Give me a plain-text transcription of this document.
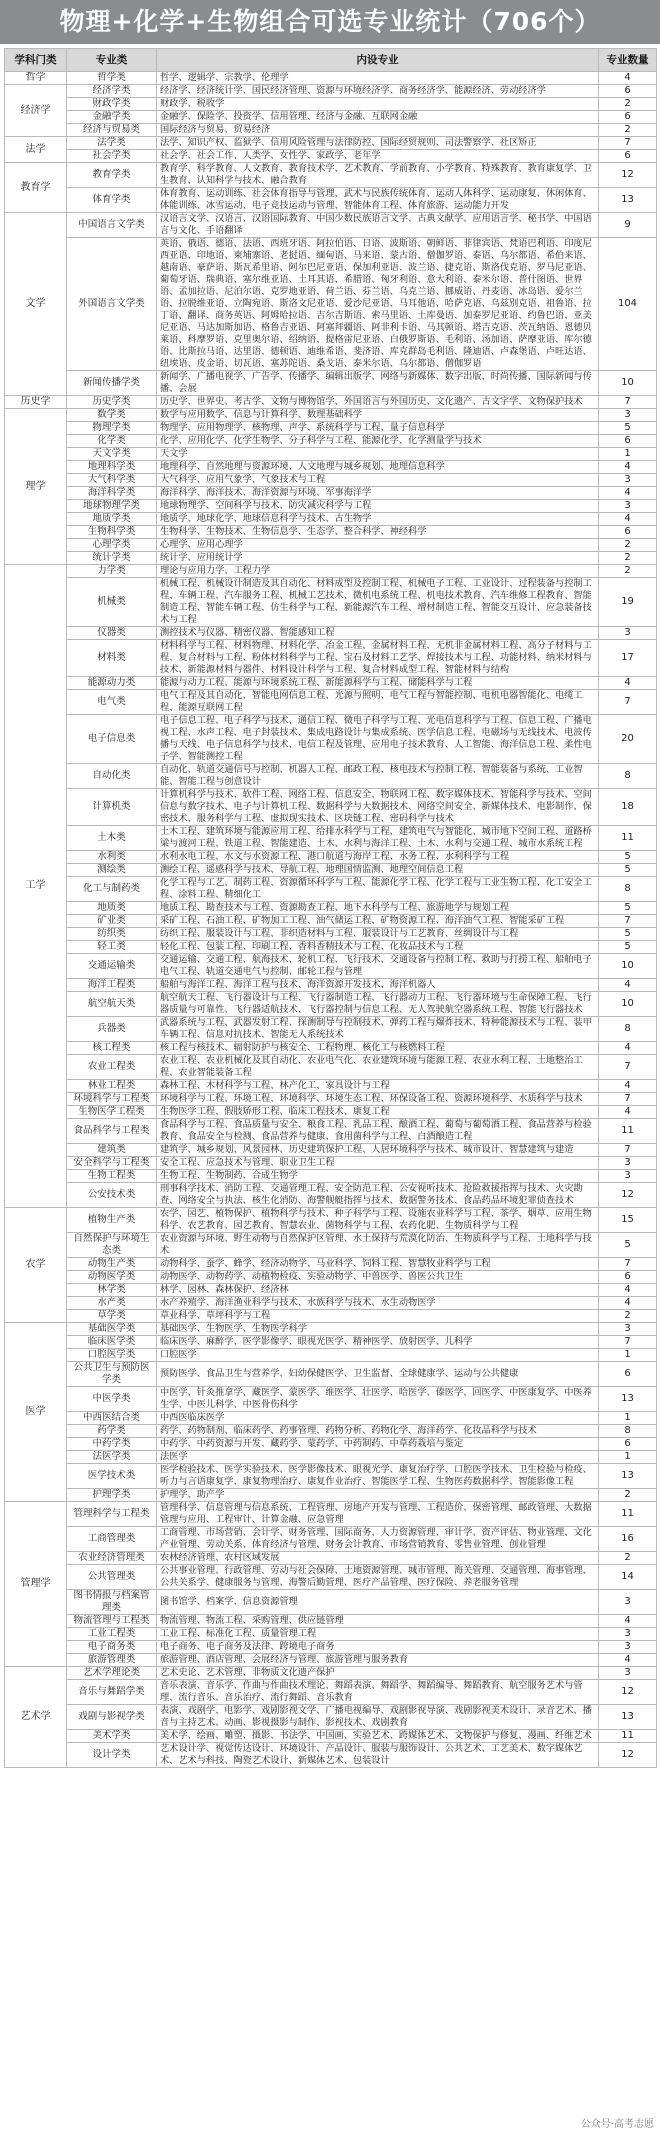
物理+化学+生物组合可选专业统计（706个）
学科门类	专业类	内设专业	专业数量
哲学	哲学类	哲学、逻辑学、宗教学、伦理学	4
经济学	经济学类	经济学、经济统计学、国民经济管理、资源与环境经济学、商务经济学、能源经济、劳动经济学	6
	财政学类	财政学、税收学	2
	金融学类	金融学、保险学、投资学、信用管理、经济与金融、互联网金融	6
	经济与贸易类	国际经济与贸易、贸易经济	2
法学	法学类	法学、知识产权、监狱学、信用风险管理与法律防控、国际经贸规则、司法警察学、社区矫正	7
	社会学类	社会学、社会工作、人类学、女性学、家政学、老年学	6
教育学	教育学类	教育学、科学教育、人文教育、教育技术学、艺术教育、学前教育、小学教育、特殊教育、教育康复学、卫生教育、认知科学与技术、融合教育	12
	体育学类	体育教育、运动训练、社会体育指导与管理、武术与民族传统体育、运动人体科学、运动康复、休闲体育、体能训练、冰雪运动、电子竞技运动与管理、智能体育工程、体育旅游、运动能力开发	13
文学	中国语言文学类	汉语言文学、汉语言、汉语国际教育、中国少数民族语言文学、古典文献学、应用语言学、秘书学、中国语言与文化、手语翻译	9
	外国语言文学类	英语、俄语、德语、法语、西班牙语、阿拉伯语、日语、波斯语、朝鲜语、菲律宾语、梵语巴利语、印度尼西亚语、印地语、柬埔寨语、老挝语、缅甸语、马来语、蒙古语、僧伽罗语、泰语、乌尔都语、希伯来语、越南语、豪萨语、斯瓦希里语、阿尔巴尼亚语、保加利亚语、波兰语、捷克语、斯洛伐克语、罗马尼亚语、葡萄牙语、瑞典语、塞尔维亚语、土耳其语、希腊语、匈牙利语、意大利语、泰米尔语、普什图语、世界语、孟加拉语、尼泊尔语、克罗地亚语、荷兰语、芬兰语、乌克兰语、挪威语、丹麦语、冰岛语、爱尔兰语、拉脱维亚语、立陶宛语、斯洛文尼亚语、爱沙尼亚语、马耳他语、哈萨克语、乌兹别克语、祖鲁语、拉丁语、翻译、商务英语、阿姆哈拉语、吉尔吉斯语、索马里语、土库曼语、加泰罗尼亚语、约鲁巴语、亚美尼亚语、马达加斯加语、格鲁吉亚语、阿塞拜疆语、阿非利卡语、马其顿语、塔吉克语、茨瓦纳语、恩德贝莱语、科摩罗语、克里奥尔语、绍纳语、提格雷尼亚语、白俄罗斯语、毛利语、汤加语、萨摩亚语、库尔德语、比斯拉马语、达里语、德顿语、迪维希语、斐济语、库克群岛毛利语、隆迪语、卢森堡语、卢旺达语、纽埃语、皮金语、切瓦语、塞苏陀语、桑戈语、泰米尔语、乌尔都语、僧伽罗语	104
	新闻传播学类	新闻学、广播电视学、广告学、传播学、编辑出版学、网络与新媒体、数字出版、时尚传播、国际新闻与传播、会展	10
历史学	历史学类	历史学、世界史、考古学、文物与博物馆学、外国语言与外国历史、文化遗产、古文字学、文物保护技术	7
理学	数学类	数学与应用数学、信息与计算科学、数理基础科学	3
	物理学类	物理学、应用物理学、核物理、声学、系统科学与工程、量子信息科学	5
	化学类	化学、应用化学、化学生物学、分子科学与工程、能源化学、化学测量学与技术	6
	天文学类	天文学	1
	地理科学类	地理科学、自然地理与资源环境、人文地理与城乡规划、地理信息科学	4
	大气科学类	大气科学、应用气象学、气象技术与工程	3
	海洋科学类	海洋科学、海洋技术、海洋资源与环境、军事海洋学	4
	地球物理学类	地球物理学、空间科学与技术、防灾减灾科学与工程	3
	地质学类	地质学、地球化学、地球信息科学与技术、古生物学	4
	生物科学类	生物科学、生物技术、生物信息学、生态学、整合科学、神经科学	6
	心理学类	心理学、应用心理学	2
	统计学类	统计学、应用统计学	2
工学	力学类	理论与应用力学、工程力学	2
	机械类	机械工程、机械设计制造及其自动化、材料成型及控制工程、机械电子工程、工业设计、过程装备与控制工程、车辆工程、汽车服务工程、机械工艺技术、微机电系统工程、机电技术教育、汽车维修工程教育、智能制造工程、智能车辆工程、仿生科学与工程、新能源汽车工程、增材制造工程、智能交互设计、应急装备技术与工程	19
	仪器类	测控技术与仪器、精密仪器、智能感知工程	3
	材料类	材料科学与工程、材料物理、材料化学、冶金工程、金属材料工程、无机非金属材料工程、高分子材料与工程、复合材料与工程、粉体材料科学与工程、宝石及材料工艺学、焊接技术与工程、功能材料、纳米材料与技术、新能源材料与器件、材料设计科学与工程、复合材料成型工程、智能材料与结构	17
	能源动力类	能源与动力工程、能源与环境系统工程、新能源科学与工程、储能科学与工程	4
	电气类	电气工程及其自动化、智能电网信息工程、光源与照明、电气工程与智能控制、电机电器智能化、电缆工程、能源互联网工程	7
	电子信息类	电子信息工程、电子科学与技术、通信工程、微电子科学与工程、光电信息科学与工程、信息工程、广播电视工程、水声工程、电子封装技术、集成电路设计与集成系统、医学信息工程、电磁场与无线技术、电波传播与天线、电子信息科学与技术、电信工程及管理、应用电子技术教育、人工智能、海洋信息工程、柔性电子学、智能测控工程	20
	自动化类	自动化、轨道交通信号与控制、机器人工程、邮政工程、核电技术与控制工程、智能装备与系统、工业智能、智能工程与创意设计	8
	计算机类	计算机科学与技术、软件工程、网络工程、信息安全、物联网工程、数字媒体技术、智能科学与技术、空间信息与数字技术、电子与计算机工程、数据科学与大数据技术、网络空间安全、新媒体技术、电影制作、保密技术、服务科学与工程、虚拟现实技术、区块链工程、密码科学与技术	18
	土木类	土木工程、建筑环境与能源应用工程、给排水科学与工程、建筑电气与智能化、城市地下空间工程、道路桥梁与渡河工程、铁道工程、智能建造、土木、水利与海洋工程、土木、水利与交通工程、城市水系统工程	11
	水利类	水利水电工程、水文与水资源工程、港口航道与海岸工程、水务工程、水利科学与工程	5
	测绘类	测绘工程、遥感科学与技术、导航工程、地理国情监测、地理空间信息工程	5
	化工与制药类	化学工程与工艺、制药工程、资源循环科学与工程、能源化学工程、化学工程与工业生物工程、化工安全工程、涂料工程、精细化工	8
	地质类	地质工程、勘查技术与工程、资源勘查工程、地下水科学与工程、旅游地学与规划工程	5
	矿业类	采矿工程、石油工程、矿物加工工程、油气储运工程、矿物资源工程、海洋油气工程、智能采矿工程	7
	纺织类	纺织工程、服装设计与工程、非织造材料与工程、服装设计与工艺教育、丝绸设计与工程	5
	轻工类	轻化工程、包装工程、印刷工程、香料香精技术与工程、化妆品技术与工程	5
	交通运输类	交通运输、交通工程、航海技术、轮机工程、飞行技术、交通设备与控制工程、救助与打捞工程、船舶电子电气工程、轨道交通电气与控制、邮轮工程与管理	10
	海洋工程类	船舶与海洋工程、海洋工程与技术、海洋资源开发技术、海洋机器人	4
	航空航天类	航空航天工程、飞行器设计与工程、飞行器制造工程、飞行器动力工程、飞行器环境与生命保障工程、飞行器质量与可靠性、飞行器适航技术、飞行器控制与信息工程、无人驾驶航空器系统工程、智能飞行器技术	10
	兵器类	武器系统与工程、武器发射工程、探测制导与控制技术、弹药工程与爆炸技术、特种能源技术与工程、装甲车辆工程、信息对抗技术、智能无人系统技术	8
	核工程类	核工程与核技术、辐射防护与核安全、工程物理、核化工与核燃料工程	4
	农业工程类	农业工程、农业机械化及其自动化、农业电气化、农业建筑环境与能源工程、农业水利工程、土地整治工程、农业智能装备工程	7
	林业工程类	森林工程、木材科学与工程、林产化工、家具设计与工程	4
	环境科学与工程类	环境科学与工程、环境工程、环境科学、环境生态工程、环保设备工程、资源环境科学、水质科学与技术	7
	生物医学工程类	生物医学工程、假肢矫形工程、临床工程技术、康复工程	4
	食品科学与工程类	食品科学与工程、食品质量与安全、粮食工程、乳品工程、酿酒工程、葡萄与葡萄酒工程、食品营养与检验教育、食品安全与检测、食品营养与健康、食用菌科学与工程、白酒酿造工程	11
	建筑类	建筑学、城乡规划、风景园林、历史建筑保护工程、人居环境科学与技术、城市设计、智慧建筑与建造	7
	安全科学与工程类	安全工程、应急技术与管理、职业卫生工程	3
	生物工程类	生物工程、生物制药、合成生物学	3
	公安技术类	刑事科学技术、消防工程、交通管理工程、安全防范工程、公安视听技术、抢险救援指挥与技术、火灾勘查、网络安全与执法、核生化消防、海警舰艇指挥与技术、数据警务技术、食品药品环境犯罪侦查技术	12
农学	植物生产类	农学、园艺、植物保护、植物科学与技术、种子科学与工程、设施农业科学与工程、茶学、烟草、应用生物科学、农艺教育、园艺教育、智慧农业、菌物科学与工程、农药化肥、生物质科学与工程	15
	自然保护与环境生态类	农业资源与环境、野生动物与自然保护区管理、水土保持与荒漠化防治、生物质科学与工程、土地科学与技术	5
	动物生产类	动物科学、蚕学、蜂学、经济动物学、马业科学、饲料工程、智慧牧业科学与工程	7
	动物医学类	动物医学、动物药学、动植物检疫、实验动物学、中兽医学、兽医公共卫生	6
	林学类	林学、园林、森林保护、经济林	4
	水产类	水产养殖学、海洋渔业科学与技术、水族科学与技术、水生动物医学	4
	草学类	草业科学、草坪科学与工程	2
医学	基础医学类	基础医学、生物医学、生物医学科学	3
	临床医学类	临床医学、麻醉学、医学影像学、眼视光医学、精神医学、放射医学、儿科学	7
	口腔医学类	口腔医学	1
	公共卫生与预防医学类	预防医学、食品卫生与营养学、妇幼保健医学、卫生监督、全球健康学、运动与公共健康	6
	中医学类	中医学、针灸推拿学、藏医学、蒙医学、维医学、壮医学、哈医学、傣医学、回医学、中医康复学、中医养生学、中医儿科学、中医骨伤科学	13
	中西医结合类	中西医临床医学	1
	药学类	药学、药物制剂、临床药学、药事管理、药物分析、药物化学、海洋药学、化妆品科学与技术	8
	中药学类	中药学、中药资源与开发、藏药学、蒙药学、中药制药、中草药栽培与鉴定	6
	法医学类	法医学	1
	医学技术类	医学检验技术、医学实验技术、医学影像技术、眼视光学、康复治疗学、口腔医学技术、卫生检验与检疫、听力与言语康复学、康复物理治疗、康复作业治疗、智能医学工程、生物医药数据科学、智能影像工程	13
	护理学类	护理学、助产学	2
管理学	管理科学与工程类	管理科学、信息管理与信息系统、工程管理、房地产开发与管理、工程造价、保密管理、邮政管理、大数据管理与应用、工程审计、计算金融、应急管理	11
	工商管理类	工商管理、市场营销、会计学、财务管理、国际商务、人力资源管理、审计学、资产评估、物业管理、文化产业管理、劳动关系、体育经济与管理、财务会计教育、市场营销教育、零售业管理、创业管理	16
	农业经济管理类	农林经济管理、农村区域发展	2
	公共管理类	公共事业管理、行政管理、劳动与社会保障、土地资源管理、城市管理、海关管理、交通管理、海事管理、公共关系学、健康服务与管理、海警后勤管理、医疗产品管理、医疗保险、养老服务管理	14
	图书情报与档案管理类	图书馆学、档案学、信息资源管理	3
	物流管理与工程类	物流管理、物流工程、采购管理、供应链管理	4
	工业工程类	工业工程、标准化工程、质量管理工程	3
	电子商务类	电子商务、电子商务及法律、跨境电子商务	3
	旅游管理类	旅游管理、酒店管理、会展经济与管理、旅游管理与服务教育	4
艺术学	艺术学理论类	艺术史论、艺术管理、非物质文化遗产保护	3
	音乐与舞蹈学类	音乐表演、音乐学、作曲与作曲技术理论、舞蹈表演、舞蹈学、舞蹈编导、舞蹈教育、航空服务艺术与管理、流行音乐、音乐治疗、流行舞蹈、音乐教育	12
	戏剧与影视学类	表演、戏剧学、电影学、戏剧影视文学、广播电视编导、戏剧影视导演、戏剧影视美术设计、录音艺术、播音与主持艺术、动画、影视摄影与制作、影视技术、戏剧教育	13
	美术学类	美术学、绘画、雕塑、摄影、书法学、中国画、实验艺术、跨媒体艺术、文物保护与修复、漫画、纤维艺术	11
	设计学类	艺术设计学、视觉传达设计、环境设计、产品设计、服装与服饰设计、公共艺术、工艺美术、数字媒体艺术、艺术与科技、陶瓷艺术设计、新媒体艺术、包装设计	12
公众号·高考志愿
